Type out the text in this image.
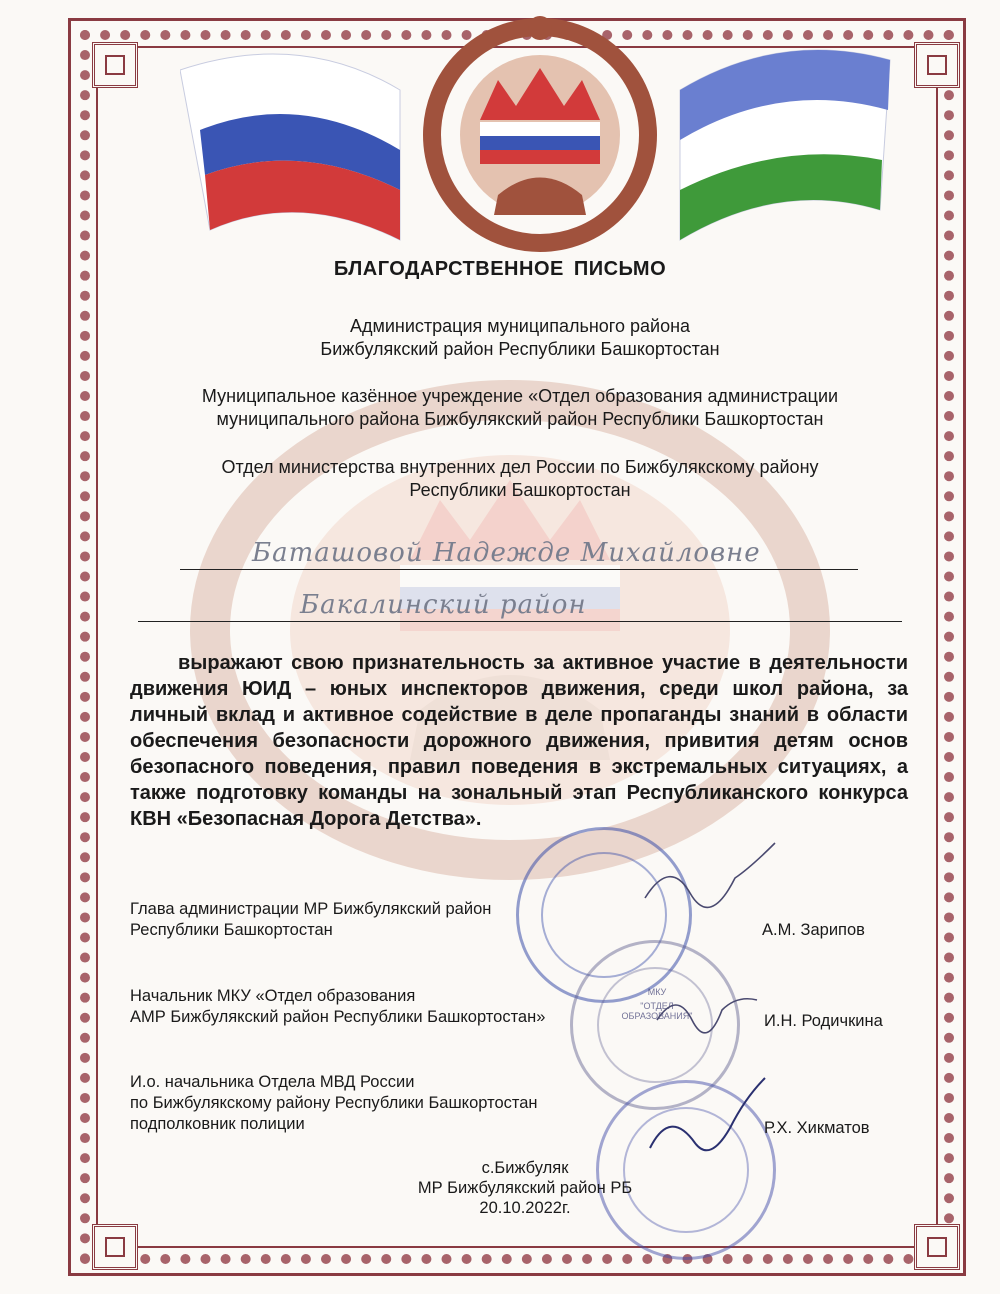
БЛАГОДАРСТВЕННОЕ ПИСЬМО
Администрация муниципального района
Бижбулякский район Республики Башкортостан
Муниципальное казённое учреждение «Отдел образования администрации
муниципального района Бижбулякский район Республики Башкортостан
Отдел министерства внутренних дел России по Бижбулякскому району
Республики Башкортостан
Баташовой Надежде Михайловне
Бакалинский район
выражают свою признательность за активное участие в деятельности движения ЮИД – юных инспекторов движения, среди школ района, за личный вклад и активное содействие в деле пропаганды знаний в области обеспечения безопасности дорожного движения, привития детям основ безопасного поведения, правил поведения в экстремальных ситуациях, а также подготовку команды на зональный этап Республиканского конкурса КВН «Безопасная Дорога Детства».
МКУ
"ОТДЕЛ ОБРАЗОВАНИЯ"
Глава администрации МР Бижбулякский район
Республики Башкортостан	А.М. Зарипов
Начальник МКУ «Отдел образования
АМР Бижбулякский район Республики Башкортостан»	И.Н. Родичкина
И.о. начальника Отдела МВД России
по Бижбулякскому району Республики Башкортостан
подполковник полиции	Р.Х. Хикматов
с.Бижбуляк
МР Бижбулякский район РБ
20.10.2022г.
